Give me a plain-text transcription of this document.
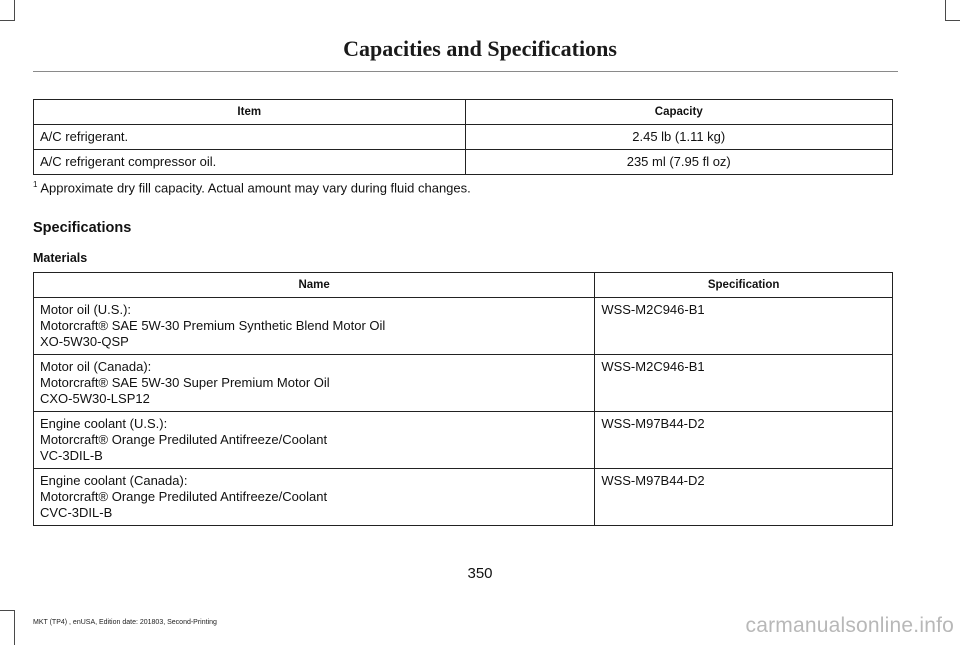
Capacities and Specifications
Item	Capacity
A/C refrigerant.	2.45 lb (1.11 kg)
A/C refrigerant compressor oil.	235 ml (7.95 fl oz)
$^1$ Approximate dry fill capacity. Actual amount may vary during fluid changes.
Specifications
Materials
Name	Specification

Motor oil (U.S.):
Motorcraft® SAE 5W-30 Premium Synthetic Blend Motor Oil
XO-5W30-QSP	WSS-M2C946-B1

Motor oil (Canada):
Motorcraft® SAE 5W-30 Super Premium Motor Oil
CXO-5W30-LSP12	WSS-M2C946-B1

Engine coolant (U.S.):
Motorcraft® Orange Prediluted Antifreeze/Coolant
VC-3DIL-B	WSS-M97B44-D2

Engine coolant (Canada):
Motorcraft® Orange Prediluted Antifreeze/Coolant
CVC-3DIL-B	WSS-M97B44-D2
350
MKT (TP4) , enUSA, Edition date: 201803, Second-Printing	carmanualsonline.info
